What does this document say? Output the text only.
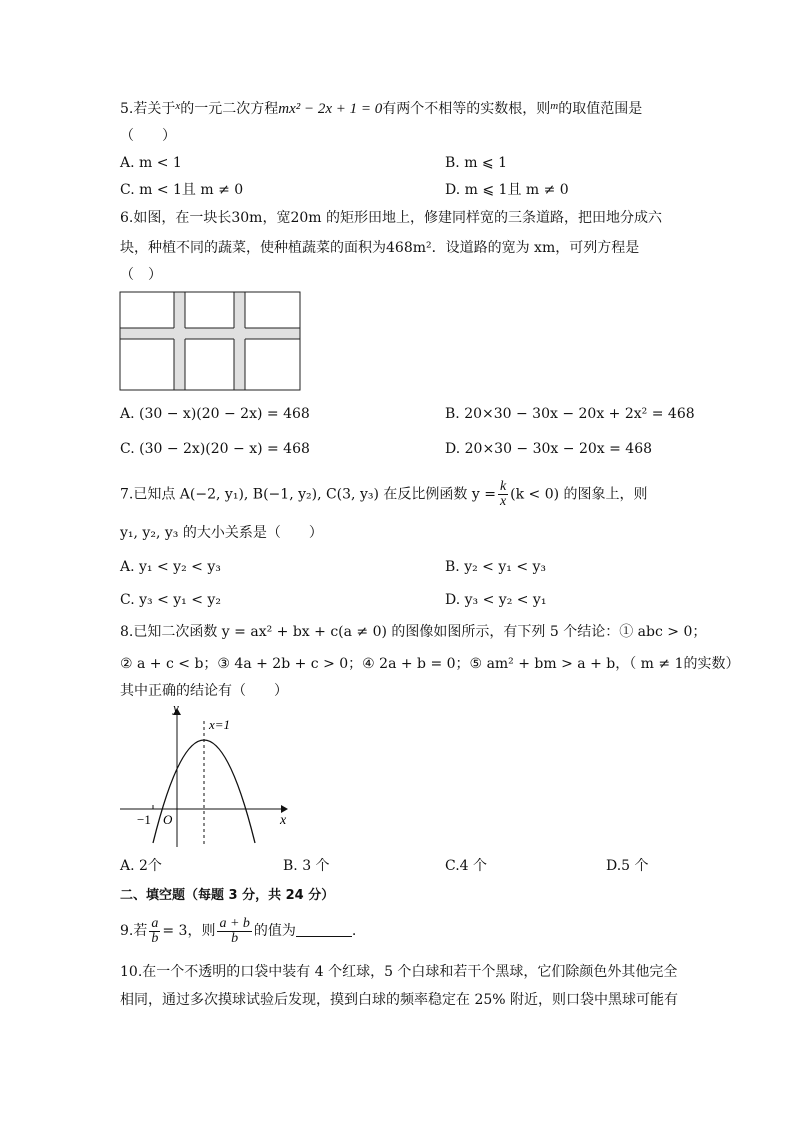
5.若关于$^x$的一元二次方程mx² − 2x + 1 = 0有两个不相等的实数根，则$^m$的取值范围是
（　　）
A. m < 1	B. m ⩽ 1
C. m < 1且 m ≠ 0	D. m ⩽ 1且 m ≠ 0
6.如图，在一块长30m，宽20m 的矩形田地上，修建同样宽的三条道路，把田地分成六
块，种植不同的蔬菜，使种植蔬菜的面积为468m²．设道路的宽为 xm，可列方程是
（　）
A. (30 − x)(20 − 2x) = 468	B. 20×30 − 30x − 20x + 2x² = 468
C. (30 − 2x)(20 − x) = 468	D. 20×30 − 30x − 20x = 468
7.已知点 A(−2, y₁), B(−1, y₂), C(3, y₃) 在反比例函数 $y = \frac{k}{x} (k < 0)$ 的图象上，则
y₁, y₂, y₃ 的大小关系是（　　）
A. y₁ < y₂ < y₃	B. y₂ < y₁ < y₃
C. y₃ < y₁ < y₂	D. y₃ < y₂ < y₁
8.已知二次函数 y = ax² + bx + c(a ≠ 0) 的图像如图所示，有下列 5 个结论：① abc > 0；
② a + c < b；③ 4a + 2b + c > 0；④ 2a + b = 0；⑤ am² + bm > a + b，（ m ≠ 1的实数）
其中正确的结论有（　　）
y
x
O
−1
x=1
A. 2个	B. 3 个	C.4 个	D.5 个
二、填空题（每题 3 分，共 24 分）
9.若 $\frac{a}{b} = 3$，则 $\frac{a + b}{b}$ 的值为	.
10.在一个不透明的口袋中装有 4 个红球，5 个白球和若干个黑球，它们除颜色外其他完全
相同，通过多次摸球试验后发现，摸到白球的频率稳定在 25% 附近，则口袋中黑球可能有
